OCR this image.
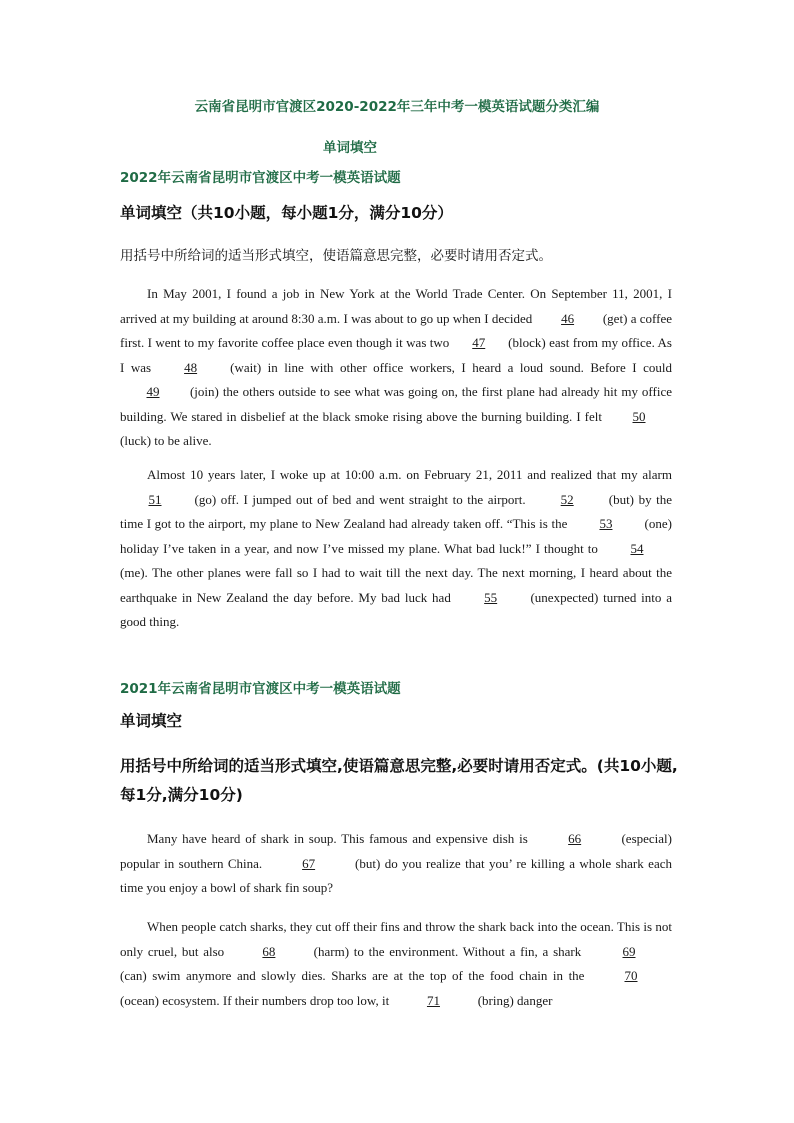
云南省昆明市官渡区2020-2022年三年中考一模英语试题分类汇编
单词填空
2022年云南省昆明市官渡区中考一模英语试题
单词填空（共10小题，每小题1分，满分10分）
用括号中所给词的适当形式填空，使语篇意思完整，必要时请用否定式。

In May 2001, I found a job in New York at the World Trade Center. On September 11, 2001, I arrived at my building at around 8:30 a.m. I was about to go up when I decided 46 (get) a coffee first. I went to my favorite coffee place even though it was two 47 (block) east from my office. As I was 48 (wait) in line with other office workers, I heard a loud sound. Before I could 49 (join) the others outside to see what was going on, the first plane had already hit my office building. We stared in disbelief at the black smoke rising above the burning building. I felt 50 (luck) to be alive.

Almost 10 years later, I woke up at 10:00 a.m. on February 21, 2011 and realized that my alarm 51 (go) off. I jumped out of bed and went straight to the airport. 52 (but) by the time I got to the airport, my plane to New Zealand had already taken off. “This is the 53 (one) holiday I’ve taken in a year, and now I’ve missed my plane. What bad luck!” I thought to 54 (me). The other planes were fall so I had to wait till the next day. The next morning, I heard about the earthquake in New Zealand the day before. My bad luck had 55 (unexpected) turned into a good thing.

2021年云南省昆明市官渡区中考一模英语试题
单词填空
用括号中所给词的适当形式填空,使语篇意思完整,必要时请用否定式。(共10小题,每1分,满分10分)

Many have heard of shark in soup. This famous and expensive dish is	66	(especial) popular in southern China.	67	(but) do you realize that you’ re killing a whole shark each time you enjoy a bowl of shark fin soup?

When people catch sharks, they cut off their fins and throw the shark back into the ocean. This is not only cruel, but also	68	(harm) to the environment. Without a fin, a shark	69 (can) swim anymore and slowly dies. Sharks are at the top of the food chain in the	70(ocean) ecosystem. If their numbers drop too low, it	71	(bring) danger
